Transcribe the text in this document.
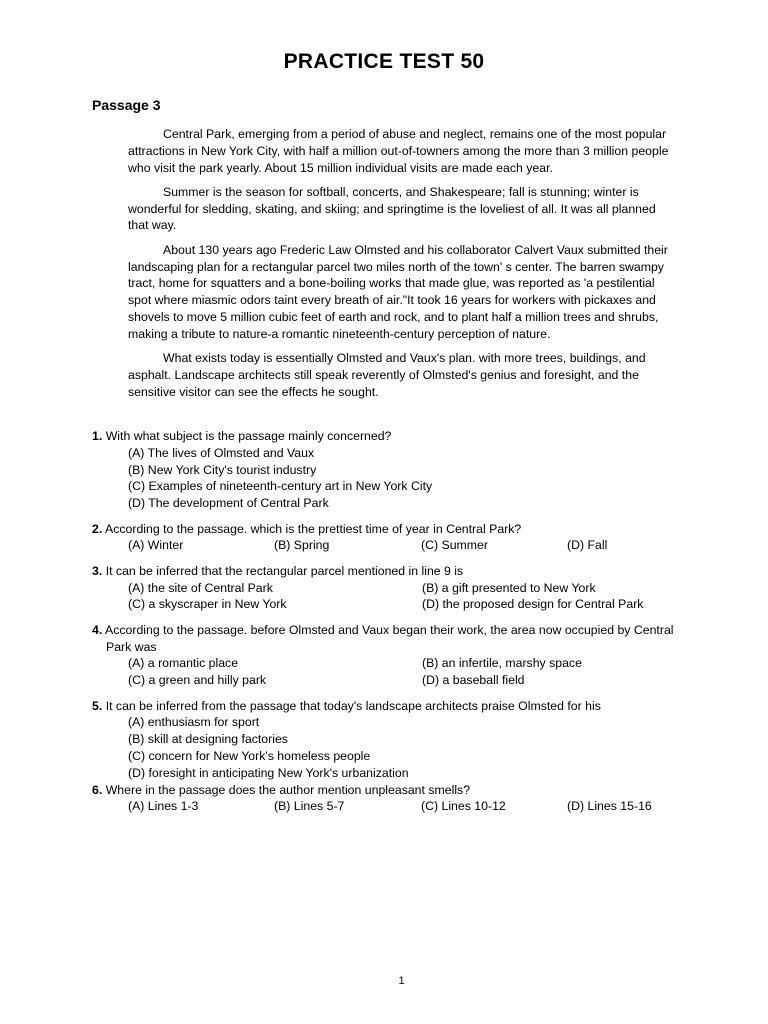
PRACTICE TEST 50
Passage 3

Central Park, emerging from a period of abuse and neglect, remains one of the most popular attractions in New York City, with half a million out-of-towners among the more than 3 million people who visit the park yearly. About 15 million individual visits are made each year.

Summer is the season for softball, concerts, and Shakespeare; fall is stunning; winter is wonderful for sledding, skating, and skiing; and springtime is the loveliest of all. It was all planned that way.

About 130 years ago Frederic Law Olmsted and his collaborator Calvert Vaux submitted their landscaping plan for a rectangular parcel two miles north of the town' s center. The barren swampy tract, home for squatters and a bone-boiling works that made glue, was reported as 'a pestilential spot where miasmic odors taint every breath of air."It took 16 years for workers with pickaxes and shovels to move 5 million cubic feet of earth and rock, and to plant half a million trees and shrubs, making a tribute to nature-a romantic nineteenth-century perception of nature.

What exists today is essentially Olmsted and Vaux's plan. with more trees, buildings, and asphalt. Landscape architects still speak reverently of Olmsted's genius and foresight, and the sensitive visitor can see the effects he sought.

1. With what subject is the passage mainly concerned?
(A) The lives of Olmsted and Vaux
(B) New York City's tourist industry
(C) Examples of nineteenth-century art in New York City
(D) The development of Central Park
2. According to the passage. which is the prettiest time of year in Central Park?
(A) Winter	(B) Spring	(C) Summer	(D) Fall
3. It can be inferred that the rectangular parcel mentioned in line 9 is
(A) the site of Central Park	(B) a gift presented to New York
(C) a skyscraper in New York	(D) the proposed design for Central Park
4. According to the passage. before Olmsted and Vaux began their work, the area now occupied by Central
Park was
(A) a romantic place	(B) an infertile, marshy space
(C) a green and hilly park	(D) a baseball field
5. It can be inferred from the passage that today's landscape architects praise Olmsted for his
(A) enthusiasm for sport
(B) skill at designing factories
(C) concern for New York's homeless people
(D) foresight in anticipating New York's urbanization
6. Where in the passage does the author mention unpleasant smells?
(A) Lines 1-3	(B) Lines 5-7	(C) Lines 10-12	(D) Lines 15-16
1
